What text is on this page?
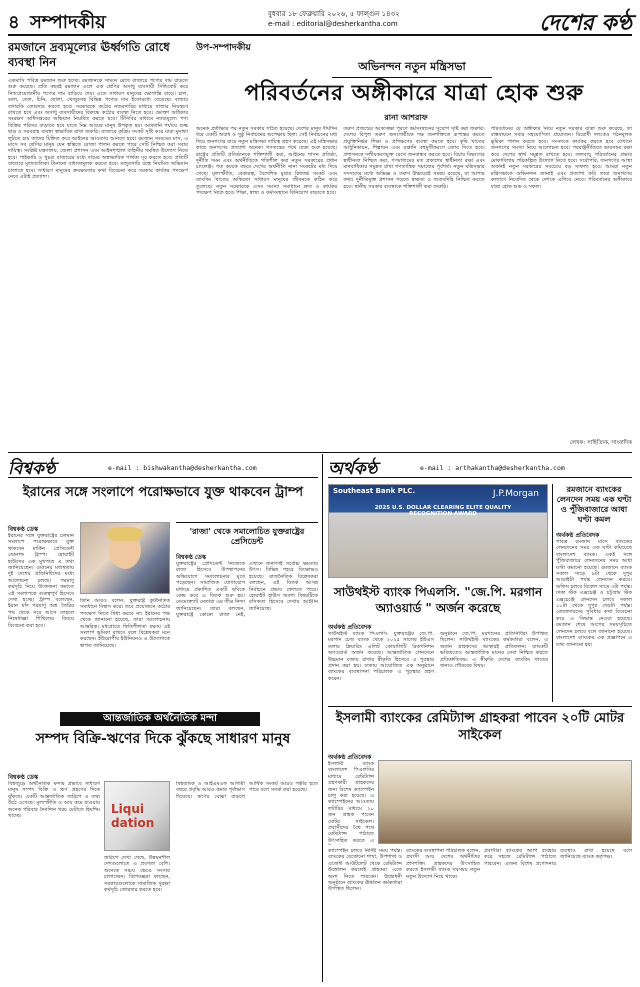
৪ সম্পাদকীয়	বুধবার ১৮ ফেব্রুয়ারি ২০২৬, ৫ ফাল্গুন ১৪৩২
e-mail : editorial@desherkantha.com	দেশের কণ্ঠ
রমজানে দ্রব্যমূল্যের ঊর্ধ্বগতি রোধে ব্যবস্থা নিন
একমাসি পবিত্র রমজান শুরু হচ্ছে। রমজানকে সামনে রেখে বাজারে পণ্যের দাম বাড়তে শুরু করেছে। প্রতি বছরই রমজান এলে এক শ্রেণির অসাধু ব্যবসায়ী সিন্ডিকেট করে নিত্যপ্রয়োজনীয় পণ্যের দাম বাড়িয়ে দেয়। এতে সাধারণ মানুষের ভোগান্তি বাড়ে। চাল, ডাল, তেল, চিনি, ছোলা, খেজুরসহ বিভিন্ন পণ্যের দাম ইতোমধ্যে বেড়েছে। বাজার তদারকি জোরদার করতে হবে। সরকারকে কঠোর নজরদারির মাধ্যমে বাজার নিয়ন্ত্রণে রাখতে হবে এবং অসাধু ব্যবসায়ীদের বিরুদ্ধে কঠোর ব্যবস্থা নিতে হবে। ভোক্তা অধিকার সংরক্ষণ অধিদপ্তরের অভিযান নিয়মিত করতে হবে। টিসিবির মাধ্যমে ন্যায্যমূল্যে পণ্য বিক্রির পরিসর বাড়াতে হবে যাতে নিম্ন আয়ের মানুষ উপকৃত হয়। আমদানি পর্যায়ে শুল্ক ছাড় ও সরবরাহ ব্যবস্থা স্বাভাবিক রাখা জরুরি। বাজারে কৃত্রিম সংকট সৃষ্টি করে যারা মুনাফা লুটতে চায় তাদের চিহ্নিত করে আইনের আওতায় আনতে হবে। রমজান সংযমের মাস, এ মাসে সব শ্রেণির মানুষ যেন স্বস্তিতে রোজা পালন করতে পারে সেটি নিশ্চিত করা সবার দায়িত্ব। সংশ্লিষ্ট মন্ত্রণালয়, জেলা প্রশাসন এবং আইনশৃঙ্খলা বাহিনীর সমন্বিত উদ্যোগ নিতে হবে। পাইকারি ও খুচরা বাজারের মধ্যে দামের অস্বাভাবিক পার্থক্য দূর করতে হবে। প্রতিটি বাজারে মূল্যতালিকা টানানো বাধ্যতামূলক করতে হবে। মজুতদারি বন্ধে নিয়মিত অভিযান চালাতে হবে। সাধারণ মানুষের ক্রয়ক্ষমতার কথা বিবেচনা করে সরকার কার্যকর পদক্ষেপ নেবে এটাই প্রত্যাশা।
উপ-সম্পাদকীয়
অভিনন্দন নতুন মন্ত্রিসভা
পরিবর্তনের অঙ্গীকারে যাত্রা হোক শুরু
রানা আশরাফ
অনেক প্রতীক্ষার পর নতুন সরকার গঠিত হয়েছে। দেশের মানুষ দীর্ঘদিন ধরে একটি অবাধ ও সুষ্ঠু নির্বাচনের অপেক্ষায় ছিল। সেই নির্বাচনের মধ্য দিয়ে জনগণের রায়ে নতুন মন্ত্রিসভা দায়িত্ব গ্রহণ করেছে। এই মন্ত্রিসভার কাছে জনগণের প্রত্যাশা অনেক। গণতন্ত্রের পথে যাত্রা শুরু হয়েছে। রাষ্ট্রের প্রতিটি প্রতিষ্ঠানকে শক্তিশালী করা, আইনের শাসন প্রতিষ্ঠা, দুর্নীতি দমন এবং অর্থনীতিকে গতিশীল করা নতুন সরকারের প্রধান চ্যালেঞ্জ। গত কয়েক বছরে দেশের অর্থনীতি নানা সংকটের মধ্য দিয়ে গেছে। মূল্যস্ফীতি, বেকারত্ব, বৈদেশিক মুদ্রার রিজার্ভ সংকট এবং ব্যাংকিং খাতের অস্থিরতা সাধারণ মানুষের জীবনকে কঠিন করে তুলেছে। নতুন সরকারকে এসব সমস্যা সমাধানে দ্রুত ও কার্যকর পদক্ষেপ নিতে হবে। শিক্ষা, স্বাস্থ্য ও কর্মসংস্থানে বিনিয়োগ বাড়াতে হবে।
তরুণ প্রজন্মের আকাঙ্ক্ষা পূরণে কর্মসংস্থানের সুযোগ সৃষ্টি করা জরুরি। দেশের বিপুল তরুণ জনগোষ্ঠীকে দক্ষ জনশক্তিতে রূপান্তর করতে প্রযুক্তিনির্ভর শিক্ষা ও প্রশিক্ষণের ব্যবস্থা করতে হবে। কৃষি খাতের আধুনিকায়ন, শিল্পায়ন এবং রপ্তানি বহুমুখীকরণে জোর দিতে হবে। প্রশাসনকে দলীয়করণমুক্ত রেখে জনবান্ধব করতে হবে। বিচার বিভাগের স্বাধীনতা নিশ্চিত করা, গণমাধ্যমের মত প্রকাশের স্বাধীনতা রক্ষা এবং মানবাধিকার সমুন্নত রাখা গণতান্ত্রিক সমাজের পূর্বশর্ত। নতুন মন্ত্রিসভার সদস্যদের মধ্যে অভিজ্ঞ ও তরুণ উভয়েরই সমন্বয় রয়েছে, যা আশার কথা। দুর্নীতিমুক্ত প্রশাসন গড়তে স্বচ্ছতা ও জবাবদিহি নিশ্চিত করতে হবে। স্থানীয় সরকার ব্যবস্থাকে শক্তিশালী করা জরুরি।
পরিবর্তনের যে অঙ্গীকার নিয়ে নতুন সরকার যাত্রা শুরু করেছে, তা বাস্তবায়নে সবার সহযোগিতা প্রয়োজন। বিরোধী দলকেও গঠনমূলক ভূমিকা পালন করতে হবে। সংসদকে কার্যকর করতে হবে যেখানে জনগণের সমস্যা নিয়ে আলোচনা হবে। পররাষ্ট্রনীতিতে ভারসাম্য রক্ষা করে দেশের স্বার্থ সমুন্নত রাখতে হবে। জলবায়ু পরিবর্তনের প্রভাব মোকাবিলায় পরিকল্পিত উদ্যোগ নিতে হবে। সর্বোপরি, জনগণের আস্থা অর্জনই নতুন সরকারের সবচেয়ে বড় সাফল্য হবে। আমরা নতুন মন্ত্রিসভাকে অভিনন্দন জানাই এবং প্রত্যাশা করি তারা জনগণের কল্যাণে নিবেদিত থেকে দেশকে এগিয়ে নেবে। পরিবর্তনের অঙ্গীকারে যাত্রা হোক শুভ ও সফল।
লেখক: সাহিত্যিক, সাংবাদিক
বিশ্বকণ্ঠ	e-mail : bishwakantha@desherkantha.com
ইরানের সঙ্গে সংলাপে পরোক্ষভাবে যুক্ত থাকবেন ট্রাম্প
বিশ্বকণ্ঠ ডেস্ক
ইরানের সঙ্গে যুক্তরাষ্ট্রের চলমান সংলাপে পরোক্ষভাবে যুক্ত থাকবেন মার্কিন প্রেসিডেন্ট ডোনাল্ড ট্রাম্প। হোয়াইট হাউসের এক মুখপাত্র এ তথ্য জানিয়েছেন। ওমানের মধ্যস্থতায় দুই দেশের প্রতিনিধিদের মধ্যে আলোচনা চলছে। পরমাণু কর্মসূচি নিয়ে উত্তেজনা কমাতে এই সংলাপকে গুরুত্বপূর্ণ হিসেবে দেখা হচ্ছে। ট্রাম্প বলেছেন, ইরান যদি পরমাণু অস্ত্র তৈরির পথ থেকে সরে আসে তাহলে নিষেধাজ্ঞা শিথিলের বিষয়ে বিবেচনা করা হবে।
তিনি আরও বলেন, যুক্তরাষ্ট্র কূটনৈতিক সমাধানে বিশ্বাস করে। তবে প্রয়োজনে কঠোর পদক্ষেপ নিতে দ্বিধা করবে না। ইরানের পক্ষ থেকে জানানো হয়েছে, তারা আলোচনায় আন্তরিক। মধ্যপ্রাচ্যে স্থিতিশীলতা রক্ষায় এই সংলাপ ভূমিকা রাখবে বলে বিশ্লেষকরা মনে করছেন। ইউরোপীয় ইউনিয়নও এ উদ্যোগকে স্বাগত জানিয়েছে।
'রাজা' থেকে সমালোচিত যুক্তরাষ্ট্রের প্রেসিডেন্ট
বিশ্বকণ্ঠ ডেস্ক
যুক্তরাষ্ট্রের প্রেসিডেন্ট নিজেকে রাজা হিসেবে উপস্থাপনের অভিযোগে সমালোচনার মুখে পড়েছেন। সামাজিক যোগাযোগ মাধ্যমে প্রকাশিত একটি ছবিকে কেন্দ্র করে এ বিতর্ক শুরু হয়। ডেমোক্র্যাট নেতারা এর তীব্র নিন্দা জানিয়েছেন। তারা বলছেন, যুক্তরাষ্ট্রে কোনো রাজা নেই, এখানে জনগণই সর্বোচ্চ ক্ষমতার উৎস। বিভিন্ন শহরে বিক্ষোভও হয়েছে। রাজনৈতিক বিশ্লেষকরা বলছেন, এই বিতর্ক আসন্ন নির্বাচনে প্রভাব ফেলতে পারে। হোয়াইট হাউস অবশ্য বিষয়টিকে রসিকতা হিসেবে দেখার আহ্বান জানিয়েছে।
আন্তর্জাতিক অর্থনৈতিক মন্দা
সম্পদ বিক্রি-ঋণের দিকে ঝুঁকছে সাধারণ মানুষ
বিশ্বকণ্ঠ ডেস্ক
বিশ্বজুড়ে অর্থনৈতিক মন্দার প্রভাবে সাধারণ মানুষ সম্পদ বিক্রি ও ঋণ গ্রহণের দিকে ঝুঁকছে। একটি আন্তর্জাতিক জরিপে এ তথ্য উঠে এসেছে। মূল্যস্ফীতি ও আয় কমে যাওয়ায় অনেক পরিবার দৈনন্দিন খরচ মেটাতে হিমশিম খাচ্ছে।
Liqui dation
জরিপে দেখা গেছে, উন্নয়নশীল দেশগুলোতে এ প্রবণতা বেশি। অনেকে সঞ্চয় ভেঙে সংসার চালাচ্ছেন। বিশেষজ্ঞরা বলছেন, সরকারগুলোকে সামাজিক সুরক্ষা কর্মসূচি জোরদার করতে হবে।
বিশ্বব্যাংক ও আইএমএফ আগামী বছরে প্রবৃদ্ধি আরও কমার পূর্বাভাস দিয়েছে। ঋণের বোঝা বাড়লে আর্থিক সংকট আরও গভীর হতে পারে বলে সতর্ক করা হয়েছে।
অর্থকণ্ঠ	e-mail : arthakantha@desherkantha.com
Southeast Bank PLC.	J.P.Morgan
2025 U.S. DOLLAR CLEARING ELITE QUALITY RECOGNITION AWARD
রমজানে ব্যাংকের লেনদেন সময় এক ঘণ্টা ও পুঁজিবাজারে আধা ঘণ্টা কমল
অর্থকণ্ঠ প্রতিবেদক
পবিত্র রমজান মাসে ব্যাংকের লেনদেনের সময় এক ঘণ্টা কমিয়েছে বাংলাদেশ ব্যাংক। একই সঙ্গে পুঁজিবাজারে লেনদেনের সময় আধা ঘণ্টা কমানো হয়েছে। রমজানে ব্যাংক সকাল সাড়ে ৯টা থেকে দুপুর আড়াইটা পর্যন্ত লেনদেন করবে। অফিস চলবে বিকেল সাড়ে ৩টা পর্যন্ত। ঢাকা স্টক এক্সচেঞ্জ ও চট্টগ্রাম স্টক এক্সচেঞ্জে লেনদেন চলবে সকাল ১০টা থেকে দুপুর দেড়টা পর্যন্ত। রোজাদারদের সুবিধার কথা বিবেচনা করে এ সিদ্ধান্ত নেওয়া হয়েছে। রমজান শেষে আগের সময়সূচিতে লেনদেন চলবে বলে জানানো হয়েছে। বাংলাদেশ ব্যাংকের এক প্রজ্ঞাপনে এ তথ্য জানানো হয়।
সাউথইস্ট ব্যাংক পিএলসি. "জে.পি. মরগান অ্যাওয়ার্ড " অর্জন করেছে
অর্থকণ্ঠ প্রতিবেদক
সাউথইস্ট ব্যাংক পিএলসি. যুক্তরাষ্ট্রের জে.পি. মরগান চেজ ব্যাংক থেকে ২০২৫ সালের ইউএস ডলার ক্লিয়ারিং এলিট কোয়ালিটি রিকগনিশন অ্যাওয়ার্ড অর্জন করেছে। আন্তর্জাতিক লেনদেনে উচ্চমান বজায় রাখার স্বীকৃতি হিসেবে এ পুরস্কার প্রদান করা হয়। ঢাকায় আয়োজিত এক অনুষ্ঠানে ব্যাংকের ব্যবস্থাপনা পরিচালক এ পুরস্কার গ্রহণ করেন।
অনুষ্ঠানে জে.পি. মরগানের প্রতিনিধিরা উপস্থিত ছিলেন। সাউথইস্ট ব্যাংকের কর্মকর্তারা বলেন, এ অর্জন গ্রাহকদের আস্থারই প্রতিফলন। ব্যাংকটি ভবিষ্যতেও আন্তর্জাতিক মানের সেবা নিশ্চিত করতে প্রতিশ্রুতিবদ্ধ। এ স্বীকৃতি দেশের ব্যাংকিং খাতের জন্যও গৌরবের বিষয়।
ইসলামী ব্যাংকের রেমিট্যান্স গ্রাহকরা পাবেন ২০টি মোটর সাইকেল
অর্থকণ্ঠ প্রতিবেদক
ইসলামী ব্যাংক বাংলাদেশ পিএলসির মাধ্যমে রেমিট্যান্স গ্রহণকারী গ্রাহকদের জন্য বিশেষ ক্যাম্পেইন চালু করা হয়েছে। এ ক্যাম্পেইনের আওতায় লটারির মাধ্যমে ২০ জন গ্রাহক পাবেন মোটর সাইকেল। প্রবাসীদের বৈধ পথে রেমিট্যান্স পাঠাতে উৎসাহিত করতে এ
ক্যাম্পেইন চলবে নির্দিষ্ট সময় পর্যন্ত। ব্যাংকের যেকোনো শাখা, উপশাখা ও এজেন্ট আউটলেট থেকে রেমিট্যান্স উত্তোলন করলেই গ্রাহকরা এতে অংশ নিতে পারবেন। উদ্বোধনী অনুষ্ঠানে ব্যাংকের ঊর্ধ্বতন কর্মকর্তারা উপস্থিত ছিলেন।
ব্যাংকের ব্যবস্থাপনা পরিচালক বলেন, প্রবাসী আয় দেশের অর্থনীতির প্রাণশক্তি। গ্রাহকদের উৎসাহিত করতে ইসলামী ব্যাংক সবসময় নতুন নতুন উদ্যোগ নিয়ে থাকে।
প্রবাসীরা ব্যাংকের অ্যাপ ব্যবহার করে সহজে রেমিট্যান্স পাঠাতে পারবেন। এজন্য বিশেষ প্রণোদনার ব্যবস্থাও রাখা হয়েছে বলে জানিয়েছে ব্যাংক কর্তৃপক্ষ।
